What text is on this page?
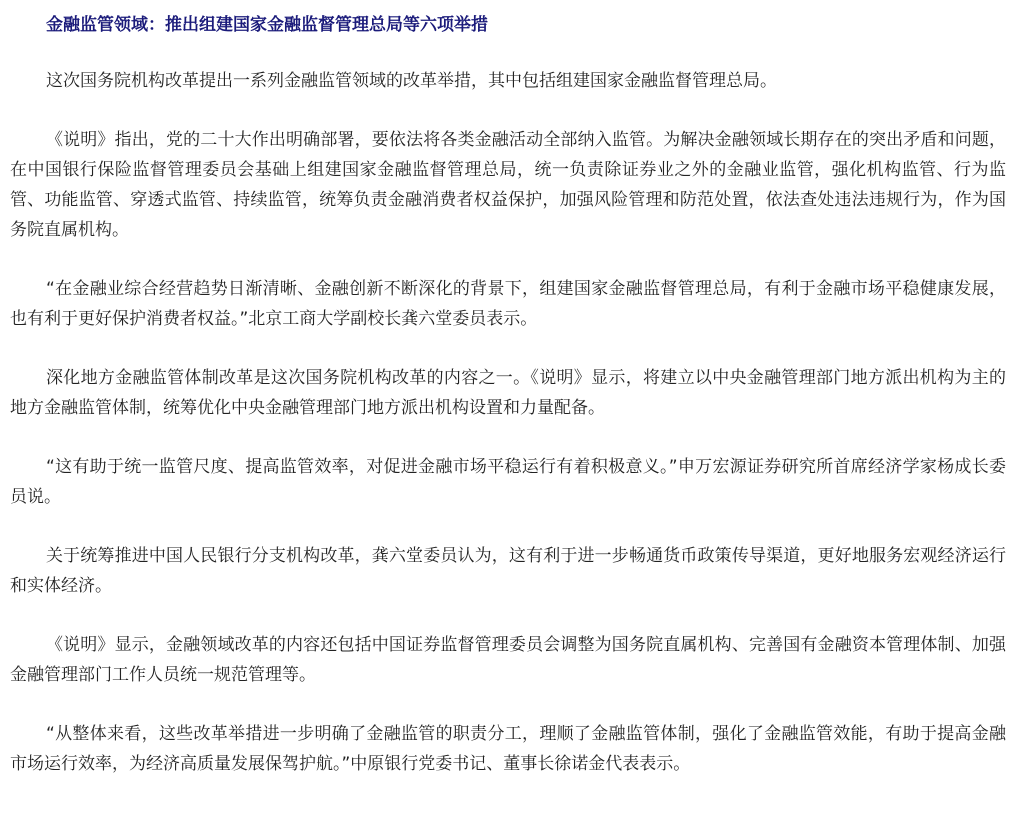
金融监管领域：推出组建国家金融监督管理总局等六项举措

这次国务院机构改革提出一系列金融监管领域的改革举措，其中包括组建国家金融监督管理总局。

《说明》指出，党的二十大作出明确部署，要依法将各类金融活动全部纳入监管。为解决金融领域长期存在的突出矛盾和问题，在中国银行保险监督管理委员会基础上组建国家金融监督管理总局，统一负责除证券业之外的金融业监管，强化机构监管、行为监管、功能监管、穿透式监管、持续监管，统筹负责金融消费者权益保护，加强风险管理和防范处置，依法查处违法违规行为，作为国务院直属机构。

“在金融业综合经营趋势日渐清晰、金融创新不断深化的背景下，组建国家金融监督管理总局，有利于金融市场平稳健康发展，也有利于更好保护消费者权益。”北京工商大学副校长龚六堂委员表示。

深化地方金融监管体制改革是这次国务院机构改革的内容之一。《说明》显示，将建立以中央金融管理部门地方派出机构为主的地方金融监管体制，统筹优化中央金融管理部门地方派出机构设置和力量配备。

“这有助于统一监管尺度、提高监管效率，对促进金融市场平稳运行有着积极意义。”申万宏源证券研究所首席经济学家杨成长委员说。

关于统筹推进中国人民银行分支机构改革，龚六堂委员认为，这有利于进一步畅通货币政策传导渠道，更好地服务宏观经济运行和实体经济。

《说明》显示，金融领域改革的内容还包括中国证券监督管理委员会调整为国务院直属机构、完善国有金融资本管理体制、加强金融管理部门工作人员统一规范管理等。

“从整体来看，这些改革举措进一步明确了金融监管的职责分工，理顺了金融监管体制，强化了金融监管效能，有助于提高金融市场运行效率，为经济高质量发展保驾护航。”中原银行党委书记、董事长徐诺金代表表示。
